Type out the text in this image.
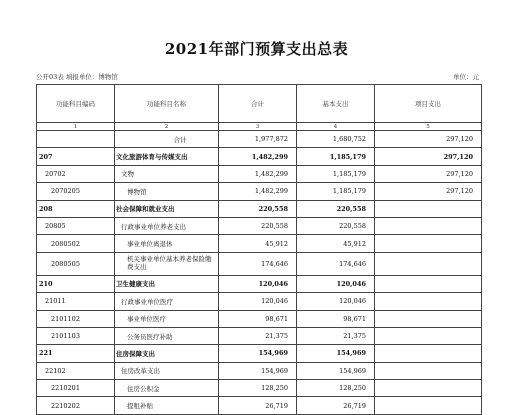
2021年部门预算支出总表
公开03表 填报单位：博物馆	单位：元
功能科目编码	功能科目名称	合计	基本支出	项目支出
1	2	3	4	5
	合计	1,977,872	1,680,752	297,120
207	文化旅游体育与传媒支出	1,482,299	1,185,179	297,120
20702	文物	1,482,299	1,185,179	297,120
2070205	博物馆	1,482,299	1,185,179	297,120
208	社会保障和就业支出	220,558	220,558	
20805	行政事业单位养老支出	220,558	220,558	
2080502	事业单位离退休	45,912	45,912	
2080505	机关事业单位基本养老保险缴费支出	174,646	174,646	
210	卫生健康支出	120,046	120,046	
21011	行政事业单位医疗	120,046	120,046	
2101102	事业单位医疗	98,671	98,671	
2101103	公务员医疗补助	21,375	21,375	
221	住房保障支出	154,969	154,969	
22102	住房改革支出	154,969	154,969	
2210201	住房公积金	128,250	128,250	
2210202	提租补贴	26,719	26,719	
